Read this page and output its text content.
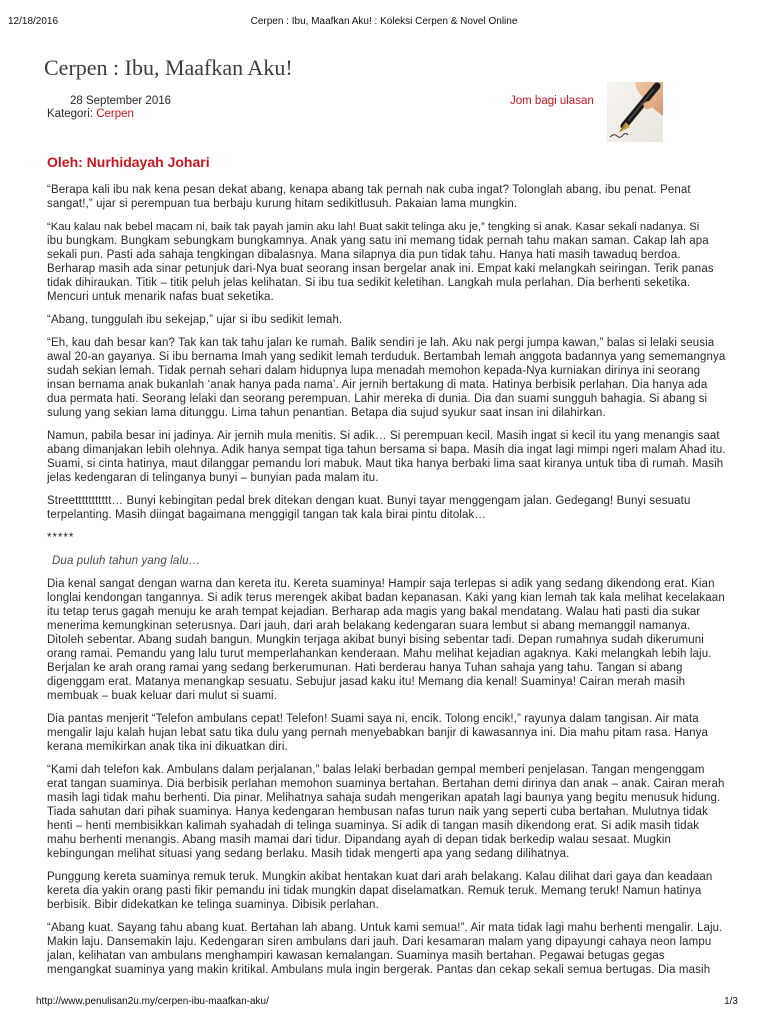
12/18/2016	Cerpen : Ibu, Maafkan Aku! : Koleksi Cerpen & Novel Online
Cerpen : Ibu, Maafkan Aku!
28 September 2016
Kategori: Cerpen
Jom bagi ulasan
Oleh: Nurhidayah Johari
“Berapa kali ibu nak kena pesan dekat abang, kenapa abang tak pernah nak cuba ingat? Tolonglah abang, ibu penat. Penat
sangat!,” ujar si perempuan tua berbaju kurung hitam sedikitlusuh. Pakaian lama mungkin.
“Kau kalau nak bebel macam ni, baik tak payah jamin aku lah! Buat sakit telinga aku je,” tengking si anak. Kasar sekali nadanya. Si
ibu bungkam. Bungkam sebungkam bungkamnya. Anak yang satu ini memang tidak pernah tahu makan saman. Cakap lah apa
sekali pun. Pasti ada sahaja tengkingan dibalasnya. Mana silapnya dia pun tidak tahu. Hanya hati masih tawaduq berdoa.
Berharap masih ada sinar petunjuk dari-Nya buat seorang insan bergelar anak ini. Empat kaki melangkah seiringan. Terik panas
tidak dihiraukan. Titik – titik peluh jelas kelihatan. Si ibu tua sedikit keletihan. Langkah mula perlahan. Dia berhenti seketika.
Mencuri untuk menarik nafas buat seketika.
“Abang, tunggulah ibu sekejap,” ujar si ibu sedikit lemah.
“Eh, kau dah besar kan? Tak kan tak tahu jalan ke rumah. Balik sendiri je lah. Aku nak pergi jumpa kawan,” balas si lelaki seusia
awal 20-an gayanya. Si ibu bernama Imah yang sedikit lemah terduduk. Bertambah lemah anggota badannya yang sememangnya
sudah sekian lemah. Tidak pernah sehari dalam hidupnya lupa menadah memohon kepada-Nya kurniakan dirinya ini seorang
insan bernama anak bukanlah ‘anak hanya pada nama’. Air jernih bertakung di mata. Hatinya berbisik perlahan. Dia hanya ada
dua permata hati. Seorang lelaki dan seorang perempuan. Lahir mereka di dunia. Dia dan suami sungguh bahagia. Si abang si
sulung yang sekian lama ditunggu. Lima tahun penantian. Betapa dia sujud syukur saat insan ini dilahirkan.
Namun, pabila besar ini jadinya. Air jernih mula menitis. Si adik… Si perempuan kecil. Masih ingat si kecil itu yang menangis saat
abang dimanjakan lebih olehnya. Adik hanya sempat tiga tahun bersama si bapa. Masih dia ingat lagi mimpi ngeri malam Ahad itu.
Suami, si cinta hatinya, maut dilanggar pemandu lori mabuk. Maut tika hanya berbaki lima saat kiranya untuk tiba di rumah. Masih
jelas kedengaran di telinganya bunyi – bunyian pada malam itu.
Streettttttttttt… Bunyi kebingitan pedal brek ditekan dengan kuat. Bunyi tayar menggengam jalan. Gedegang! Bunyi sesuatu
terpelanting. Masih diingat bagaimana menggigil tangan tak kala birai pintu ditolak…
*****
Dua puluh tahun yang lalu…
Dia kenal sangat dengan warna dan kereta itu. Kereta suaminya! Hampir saja terlepas si adik yang sedang dikendong erat. Kian
longlai kendongan tangannya. Si adik terus merengek akibat badan kepanasan. Kaki yang kian lemah tak kala melihat kecelakaan
itu tetap terus gagah menuju ke arah tempat kejadian. Berharap ada magis yang bakal mendatang. Walau hati pasti dia sukar
menerima kemungkinan seterusnya. Dari jauh, dari arah belakang kedengaran suara lembut si abang memanggil namanya.
Ditoleh sebentar. Abang sudah bangun. Mungkin terjaga akibat bunyi bising sebentar tadi. Depan rumahnya sudah dikerumuni
orang ramai. Pemandu yang lalu turut memperlahankan kenderaan. Mahu melihat kejadian agaknya. Kaki melangkah lebih laju.
Berjalan ke arah orang ramai yang sedang berkerumunan. Hati berderau hanya Tuhan sahaja yang tahu. Tangan si abang
digenggam erat. Matanya menangkap sesuatu. Sebujur jasad kaku itu! Memang dia kenal! Suaminya! Cairan merah masih
membuak – buak keluar dari mulut si suami.
Dia pantas menjerit “Telefon ambulans cepat! Telefon! Suami saya ni, encik. Tolong encik!,” rayunya dalam tangisan. Air mata
mengalir laju kalah hujan lebat satu tika dulu yang pernah menyebabkan banjir di kawasannya ini. Dia mahu pitam rasa. Hanya
kerana memikirkan anak tika ini dikuatkan diri.
“Kami dah telefon kak. Ambulans dalam perjalanan,” balas lelaki berbadan gempal memberi penjelasan. Tangan mengenggam
erat tangan suaminya. Dia berbisik perlahan memohon suaminya bertahan. Bertahan demi dirinya dan anak – anak. Cairan merah
masih lagi tidak mahu berhenti. Dia pinar. Melihatnya sahaja sudah mengerikan apatah lagi baunya yang begitu menusuk hidung.
Tiada sahutan dari pihak suaminya. Hanya kedengaran hembusan nafas turun naik yang seperti cuba bertahan. Mulutnya tidak
henti – henti membisikkan kalimah syahadah di telinga suaminya. Si adik di tangan masih dikendong erat. Si adik masih tidak
mahu berhenti menangis. Abang masih mamai dari tidur. Dipandang ayah di depan tidak berkedip walau sesaat. Mugkin
kebingungan melihat situasi yang sedang berlaku. Masih tidak mengerti apa yang sedang dilihatnya.
Punggung kereta suaminya remuk teruk. Mungkin akibat hentakan kuat dari arah belakang. Kalau dilihat dari gaya dan keadaan
kereta dia yakin orang pasti fikir pemandu ini tidak mungkin dapat diselamatkan. Remuk teruk. Memang teruk! Namun hatinya
berbisik. Bibir didekatkan ke telinga suaminya. Dibisik perlahan.
“Abang kuat. Sayang tahu abang kuat. Bertahan lah abang. Untuk kami semua!”. Air mata tidak lagi mahu berhenti mengalir. Laju.
Makin laju. Dansemakin laju. Kedengaran siren ambulans dari jauh. Dari kesamaran malam yang dipayungi cahaya neon lampu
jalan, kelihatan van ambulans menghampiri kawasan kemalangan. Suaminya masih bertahan. Pegawai betugas gegas
mengangkat suaminya yang makin kritikal. Ambulans mula ingin bergerak. Pantas dan cekap sekali semua bertugas. Dia masih
http://www.penulisan2u.my/cerpen-ibu-maafkan-aku/	1/3
